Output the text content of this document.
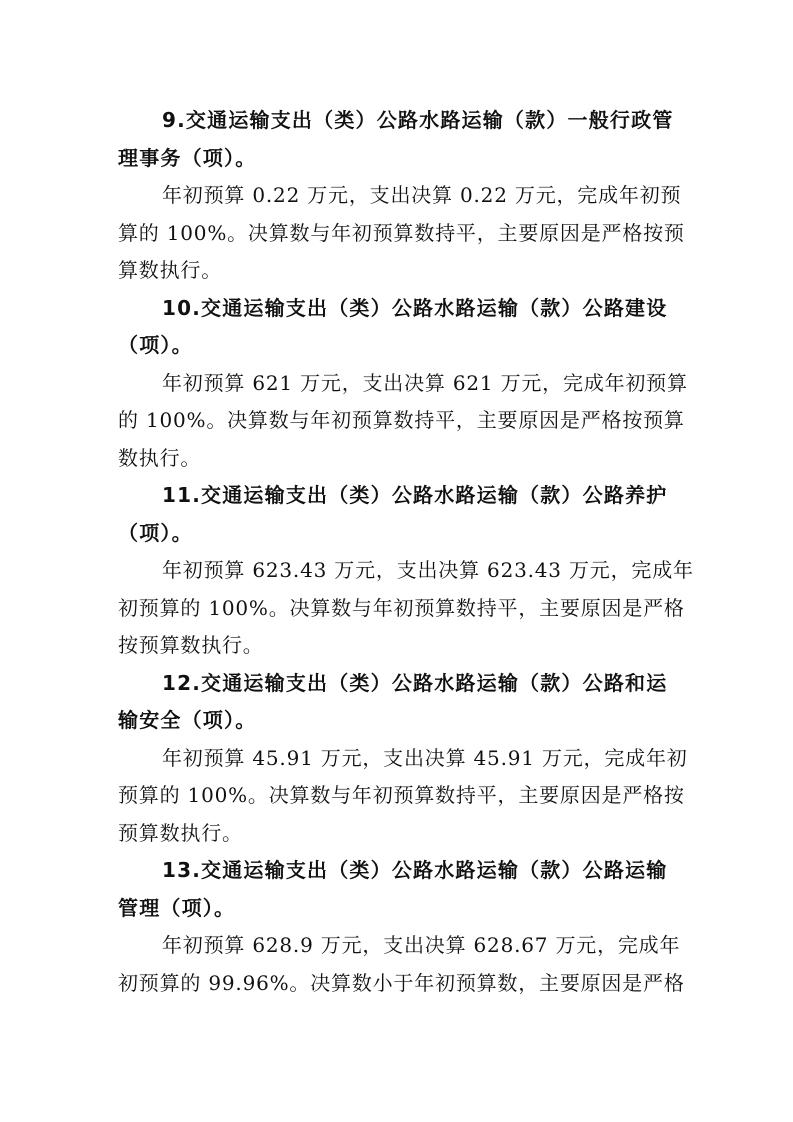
9.交通运输支出（类）公路水路运输（款）一般行政管
理事务（项）。
年初预算 0.22 万元，支出决算 0.22 万元，完成年初预
算的 100%。决算数与年初预算数持平，主要原因是严格按预
算数执行。
10.交通运输支出（类）公路水路运输（款）公路建设
（项）。
年初预算 621 万元，支出决算 621 万元，完成年初预算
的 100%。决算数与年初预算数持平，主要原因是严格按预算
数执行。
11.交通运输支出（类）公路水路运输（款）公路养护
（项）。
年初预算 623.43 万元，支出决算 623.43 万元，完成年
初预算的 100%。决算数与年初预算数持平，主要原因是严格
按预算数执行。
12.交通运输支出（类）公路水路运输（款）公路和运
输安全（项）。
年初预算 45.91 万元，支出决算 45.91 万元，完成年初
预算的 100%。决算数与年初预算数持平，主要原因是严格按
预算数执行。
13.交通运输支出（类）公路水路运输（款）公路运输
管理（项）。
年初预算 628.9 万元，支出决算 628.67 万元，完成年
初预算的 99.96%。决算数小于年初预算数，主要原因是严格
